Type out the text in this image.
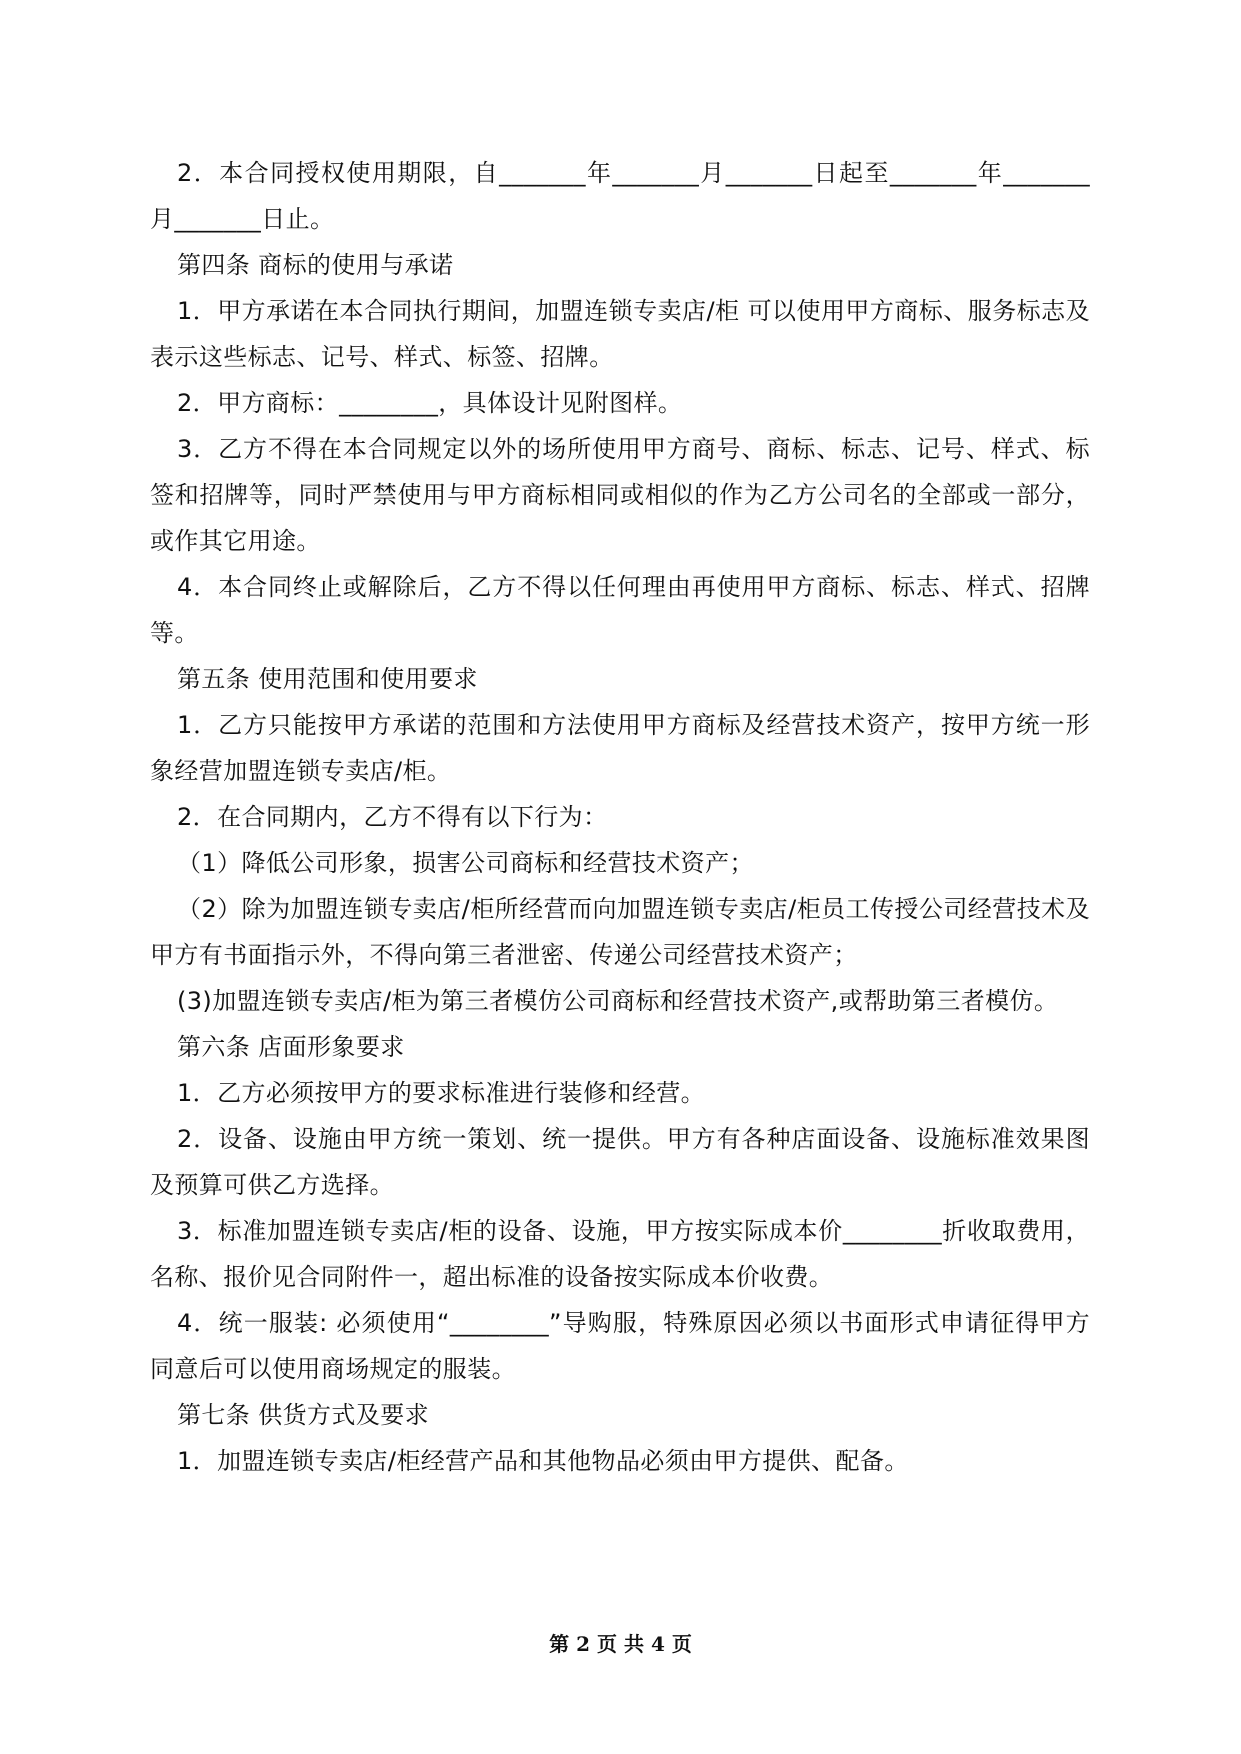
2．本合同授权使用期限，自_______年_______月_______日起至_______年_______月_______日止。

第四条 商标的使用与承诺

1．甲方承诺在本合同执行期间，加盟连锁专卖店/柜 可以使用甲方商标、服务标志及表示这些标志、记号、样式、标签、招牌。

2．甲方商标：________，具体设计见附图样。

3．乙方不得在本合同规定以外的场所使用甲方商号、商标、标志、记号、样式、标签和招牌等，同时严禁使用与甲方商标相同或相似的作为乙方公司名的全部或一部分，或作其它用途。

4．本合同终止或解除后，乙方不得以任何理由再使用甲方商标、标志、样式、招牌等。

第五条 使用范围和使用要求

1．乙方只能按甲方承诺的范围和方法使用甲方商标及经营技术资产，按甲方统一形象经营加盟连锁专卖店/柜。

2．在合同期内，乙方不得有以下行为：

（1）降低公司形象，损害公司商标和经营技术资产；

（2）除为加盟连锁专卖店/柜所经营而向加盟连锁专卖店/柜员工传授公司经营技术及甲方有书面指示外，不得向第三者泄密、传递公司经营技术资产；

(3)加盟连锁专卖店/柜为第三者模仿公司商标和经营技术资产,或帮助第三者模仿。

第六条 店面形象要求

1．乙方必须按甲方的要求标准进行装修和经营。

2．设备、设施由甲方统一策划、统一提供。甲方有各种店面设备、设施标准效果图及预算可供乙方选择。

3．标准加盟连锁专卖店/柜的设备、设施，甲方按实际成本价________折收取费用，名称、报价见合同附件一，超出标准的设备按实际成本价收费。

4．统一服装: 必须使用“________”导购服，特殊原因必须以书面形式申请征得甲方同意后可以使用商场规定的服装。

第七条 供货方式及要求

1．加盟连锁专卖店/柜经营产品和其他物品必须由甲方提供、配备。

第 2 页 共 4 页
